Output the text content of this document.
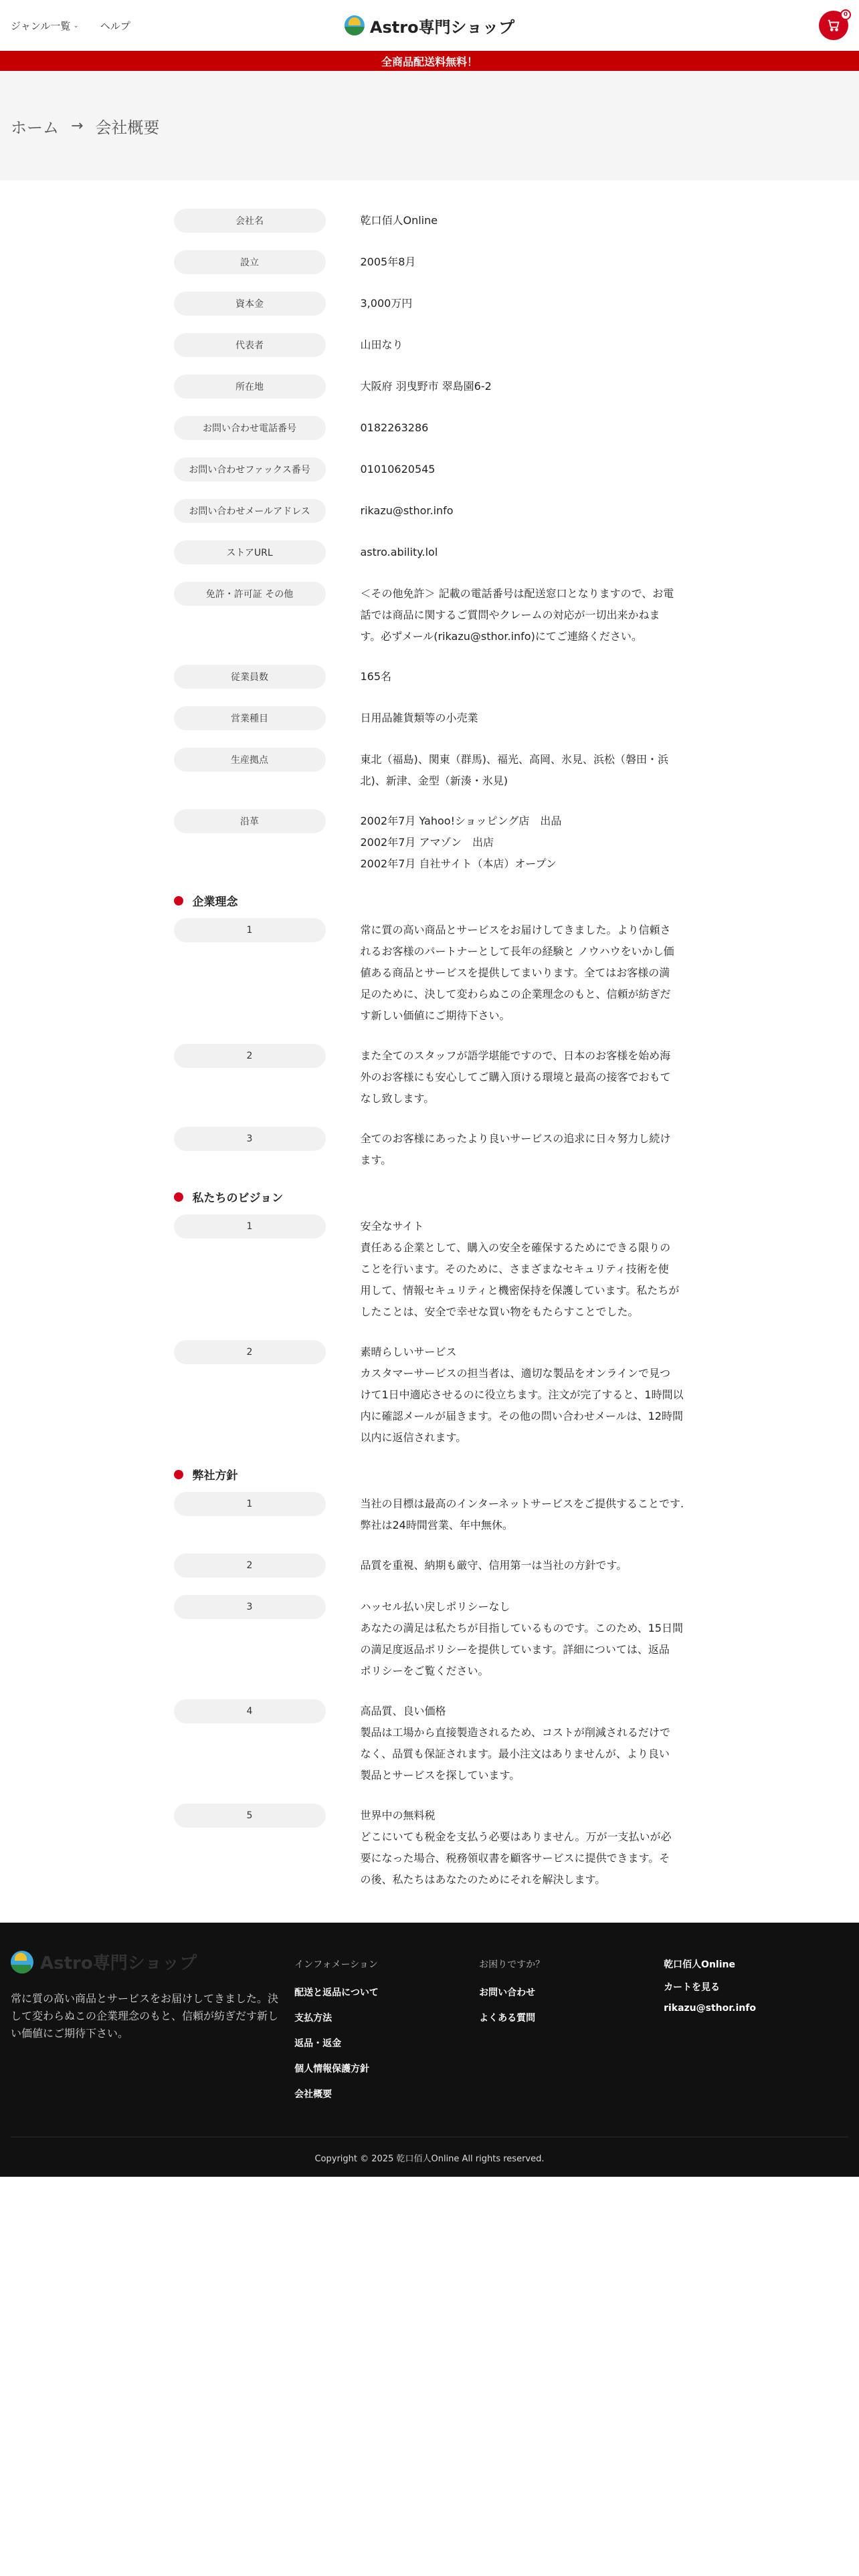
ジャンル一覧 ⌄ ヘルプ	Astro専門ショップ
0
全商品配送料無料！
ホーム → 会社概要
会社名	乾口佰人Online
設立	2005年8月
資本金	3,000万円
代表者	山田なり
所在地	大阪府 羽曳野市 翠島園6-2
お問い合わせ電話番号	0182263286
お問い合わせファックス番号	01010620545
お問い合わせメールアドレス	rikazu@sthor.info
ストアURL	astro.ability.lol
免許・許可証 その他	＜その他免許＞ 記載の電話番号は配送窓口となりますので、お電
話では商品に関するご質問やクレームの対応が一切出来かねま
す。必ずメール(rikazu@sthor.info)にてご連絡ください。
従業員数	165名
営業種目	日用品雑貨類等の小売業
生産拠点	東北（福島)、関東（群馬)、福光、高岡、氷見、浜松（磐田・浜
北)、新津、金型（新湊・氷見)
沿革	2002年7月 Yahoo!ショッピング店　出品
2002年7月 アマゾン　出店
2002年7月 自社サイト（本店）オープン
企業理念
1	常に質の高い商品とサービスをお届けしてきました。より信頼さ
れるお客様のパートナーとして長年の経験と ノウハウをいかし価
値ある商品とサービスを提供してまいります。全てはお客様の満
足のために、決して変わらぬこの企業理念のもと、信頼が紡ぎだ
す新しい価値にご期待下さい。
2	また全てのスタッフが語学堪能ですので、日本のお客様を始め海
外のお客様にも安心してご購入頂ける環境と最高の接客でおもて
なし致します。
3	全てのお客様にあったより良いサービスの追求に日々努力し続け
ます。
私たちのビジョン
1	安全なサイト
責任ある企業として、購入の安全を確保するためにできる限りの
ことを行います。そのために、さまざまなセキュリティ技術を使
用して、情報セキュリティと機密保持を保護しています。私たちが
したことは、安全で幸せな買い物をもたらすことでした。
2	素晴らしいサービス
カスタマーサービスの担当者は、適切な製品をオンラインで見つ
けて1日中適応させるのに役立ちます。注文が完了すると、1時間以
内に確認メールが届きます。その他の問い合わせメールは、12時間
以内に返信されます。
弊社方針
1	当社の目標は最高のインターネットサービスをご提供することです.
弊社は24時間営業、年中無休。
2	品質を重視、納期も厳守、信用第一は当社の方針です。
3	ハッセル払い戻しポリシーなし
あなたの満足は私たちが目指しているものです。このため、15日間
の満足度返品ポリシーを提供しています。詳細については、返品
ポリシーをご覧ください。
4	高品質、良い価格
製品は工場から直接製造されるため、コストが削減されるだけで
なく、品質も保証されます。最小注文はありませんが、より良い
製品とサービスを探しています。
5	世界中の無料税
どこにいても税金を支払う必要はありません。万が一支払いが必
要になった場合、税務領収書を顧客サービスに提供できます。そ
の後、私たちはあなたのためにそれを解決します。
Astro専門ショップ
常に質の高い商品とサービスをお届けしてきました。決して変わらぬこの企業理念のもと、信頼が紡ぎだす新しい価値にご期待下さい。
インフォメーション
配送と返品について
支払方法
返品・返金
個人情報保護方針
会社概要
お困りですか？
お問い合わせ
よくある質問
乾口佰人Online
カートを見る
rikazu@sthor.info
Copyright © 2025 乾口佰人Online All rights reserved.
